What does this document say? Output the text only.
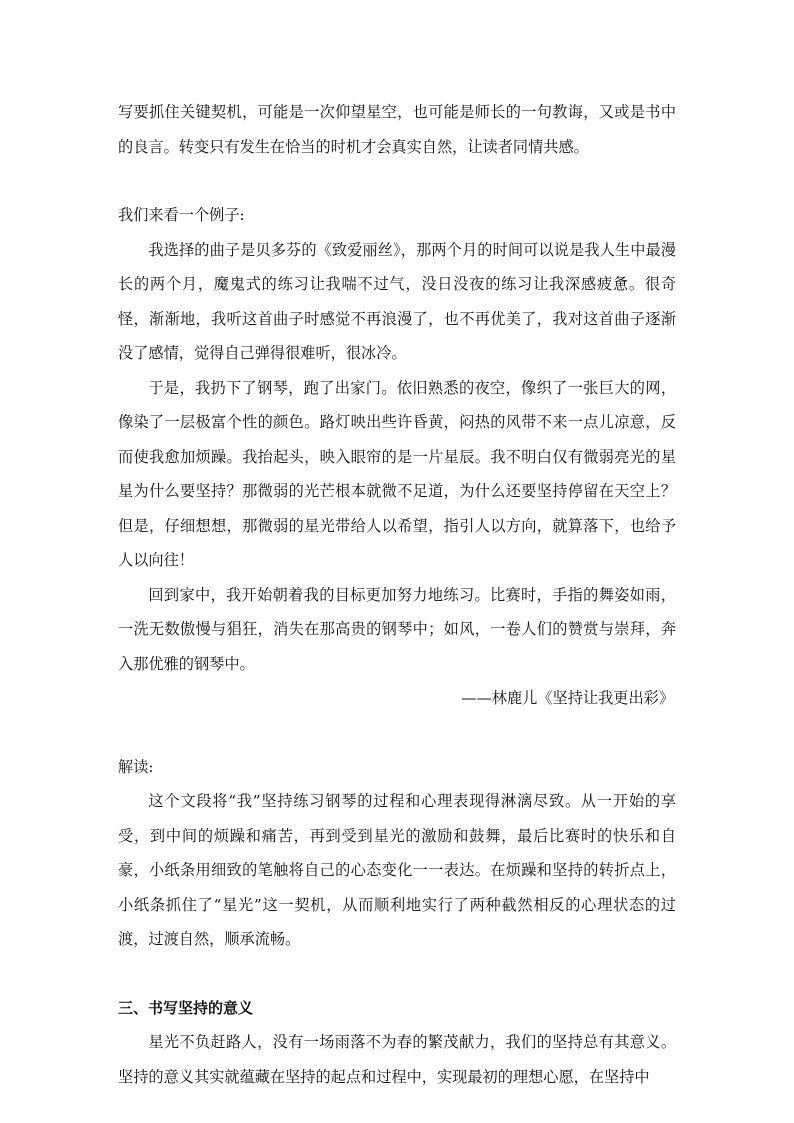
写要抓住关键契机，可能是一次仰望星空，也可能是师长的一句教诲，又或是书中的良言。转变只有发生在恰当的时机才会真实自然，让读者同情共感。

我们来看一个例子:

我选择的曲子是贝多芬的《致爱丽丝》，那两个月的时间可以说是我人生中最漫长的两个月，魔鬼式的练习让我喘不过气，没日没夜的练习让我深感疲惫。很奇怪，渐渐地，我听这首曲子时感觉不再浪漫了，也不再优美了，我对这首曲子逐渐没了感情，觉得自己弹得很难听，很冰冷。

于是，我扔下了钢琴，跑了出家门。依旧熟悉的夜空，像织了一张巨大的网，像染了一层极富个性的颜色。路灯映出些许昏黄，闷热的风带不来一点儿凉意，反而使我愈加烦躁。我抬起头，映入眼帘的是一片星辰。我不明白仅有微弱亮光的星星为什么要坚持？那微弱的光芒根本就微不足道，为什么还要坚持停留在天空上？但是，仔细想想，那微弱的星光带给人以希望，指引人以方向，就算落下，也给予人以向往！

回到家中，我开始朝着我的目标更加努力地练习。比赛时，手指的舞姿如雨，一洗无数傲慢与猖狂，消失在那高贵的钢琴中；如风，一卷人们的赞赏与崇拜，奔入那优雅的钢琴中。

——林鹿儿《坚持让我更出彩》

解读:

这个文段将“我”坚持练习钢琴的过程和心理表现得淋漓尽致。从一开始的享受，到中间的烦躁和痛苦，再到受到星光的激励和鼓舞，最后比赛时的快乐和自豪，小纸条用细致的笔触将自己的心态变化一一表达。在烦躁和坚持的转折点上，小纸条抓住了“星光”这一契机，从而顺利地实行了两种截然相反的心理状态的过渡，过渡自然，顺承流畅。

三、书写坚持的意义

星光不负赶路人，没有一场雨落不为春的繁茂献力，我们的坚持总有其意义。坚持的意义其实就蕴藏在坚持的起点和过程中，实现最初的理想心愿，在坚持中
